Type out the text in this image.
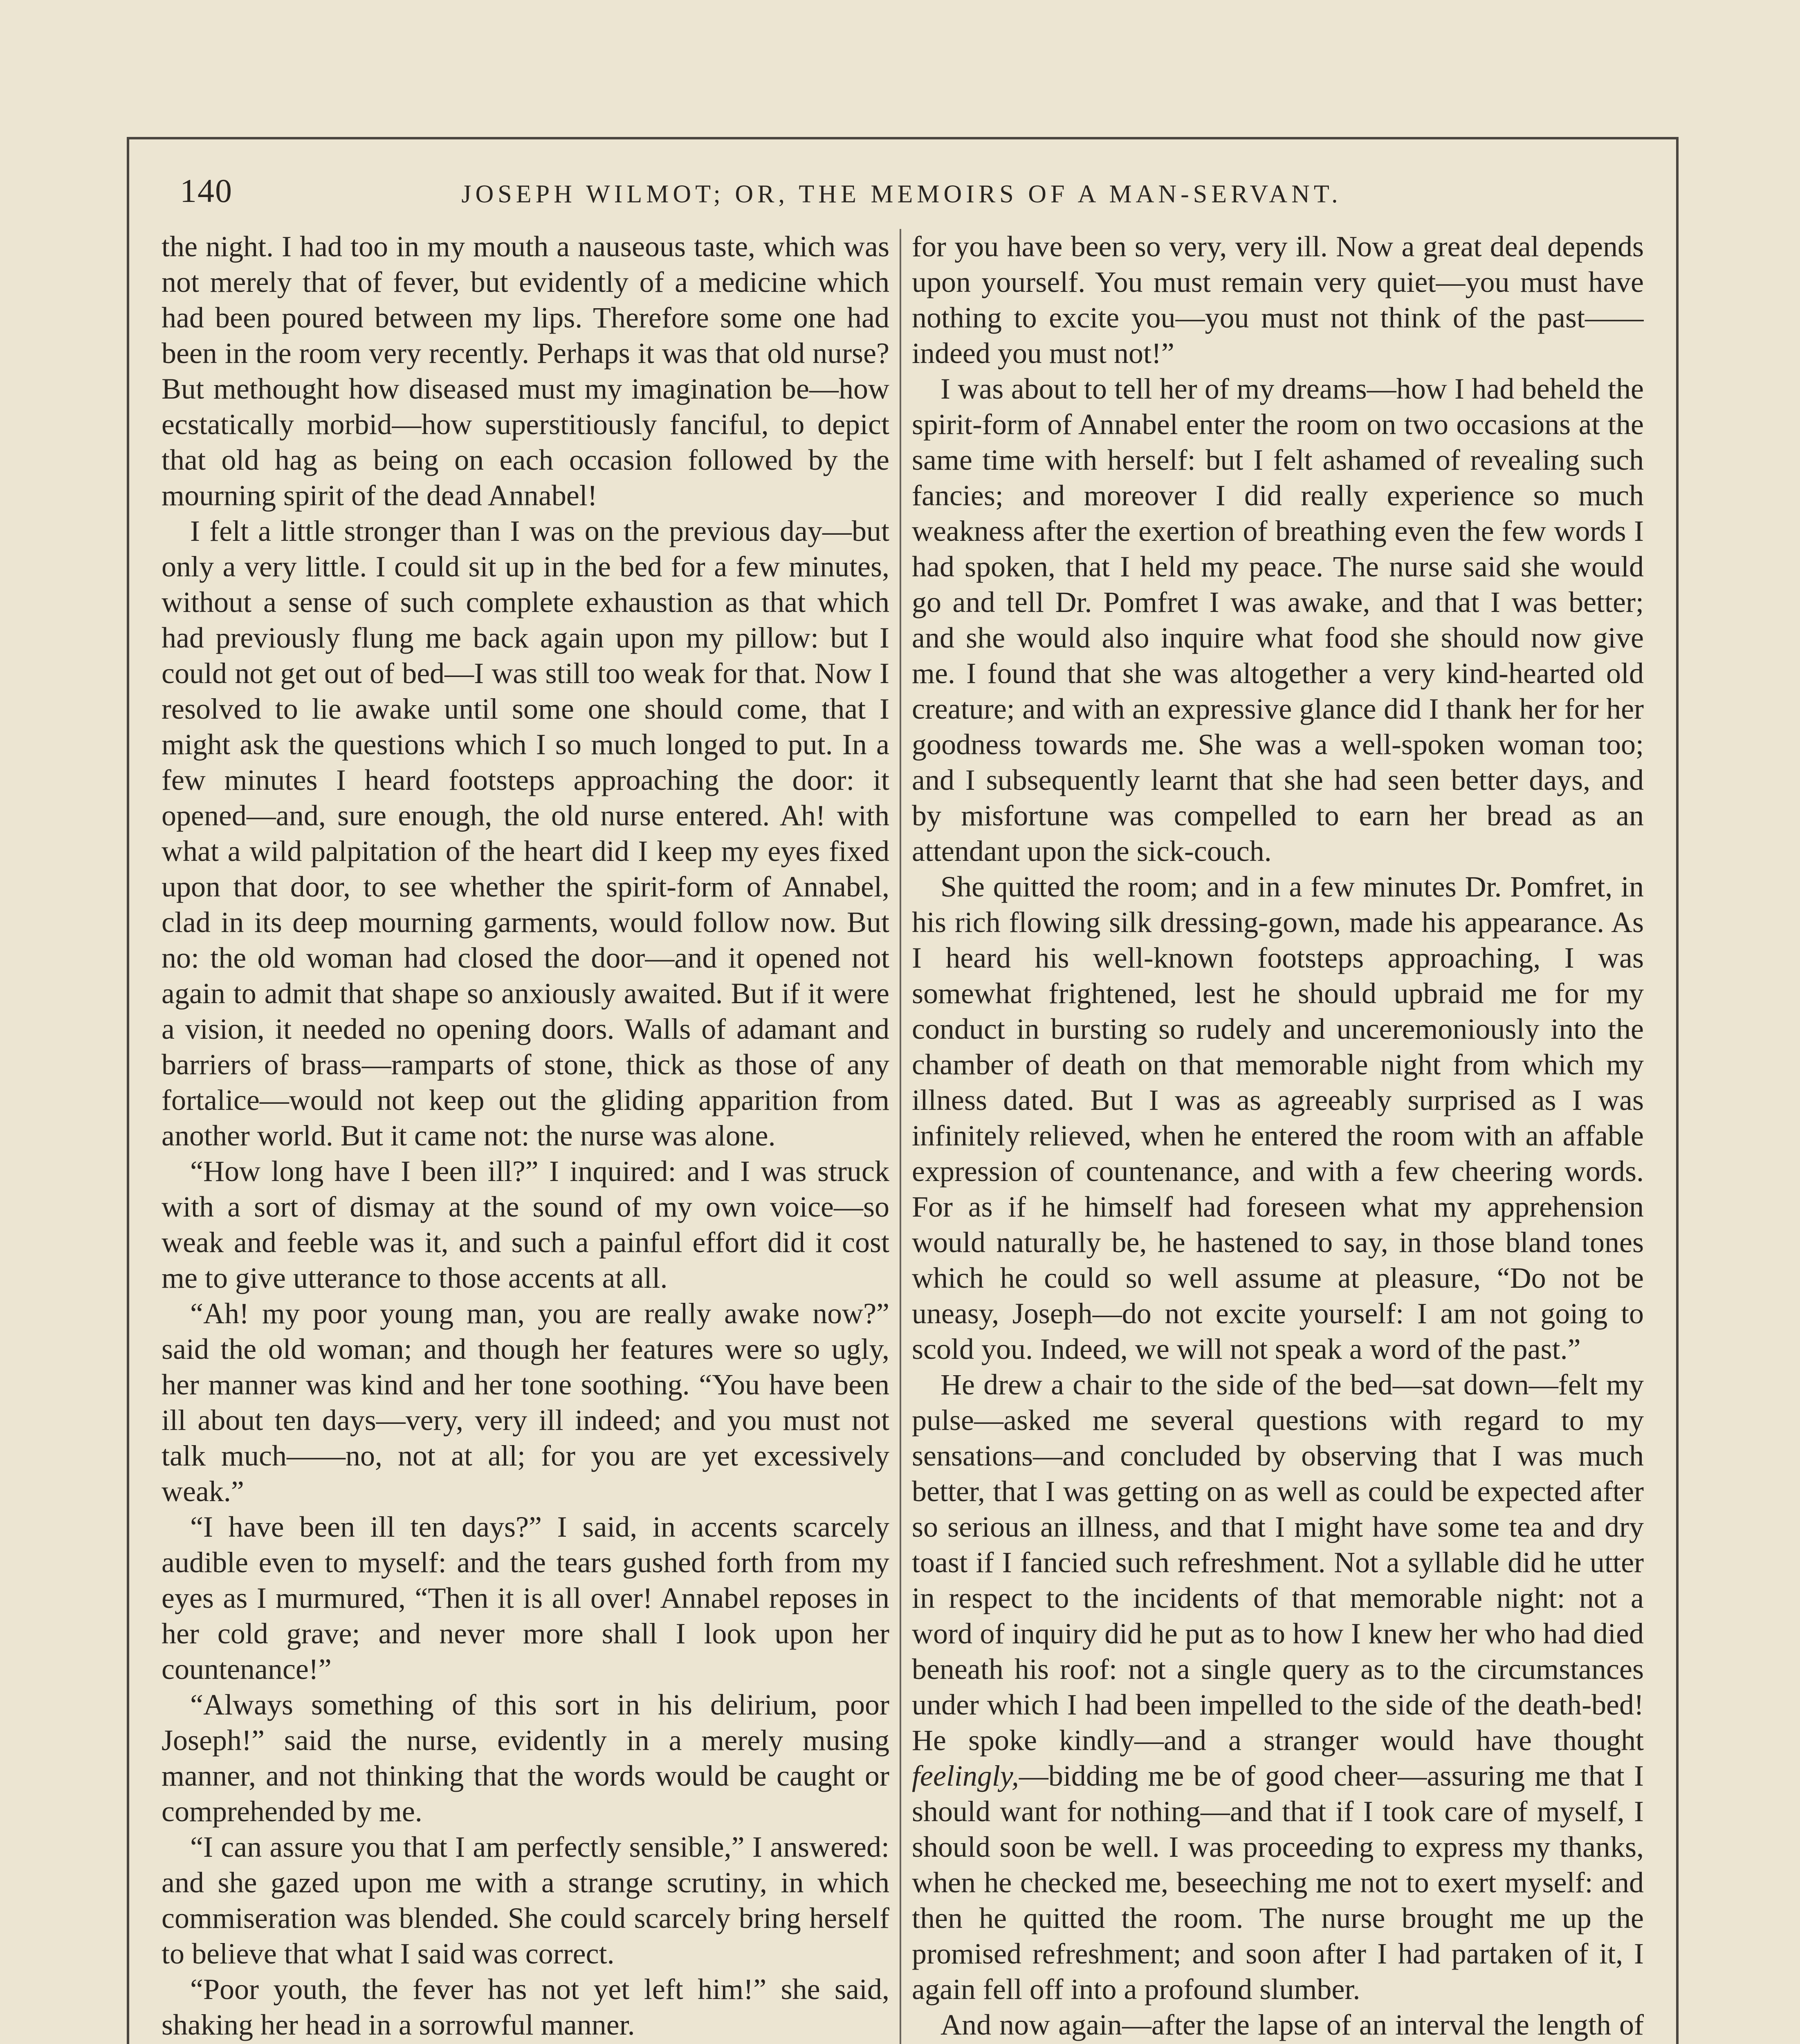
140	JOSEPH WILMOT; OR, THE MEMOIRS OF A MAN-SERVANT.

the night. I had too in my mouth a nauseous taste, which was not merely that of fever, but evidently of a medicine which had been poured between my lips. Therefore some one had been in the room very recently. Perhaps it was that old nurse? But methought how diseased must my imagination be—how ecstatically morbid—how superstitiously fanciful, to depict that old hag as being on each occasion followed by the mourning spirit of the dead Annabel!

I felt a little stronger than I was on the previous day—but only a very little. I could sit up in the bed for a few minutes, without a sense of such complete exhaustion as that which had previously flung me back again upon my pillow: but I could not get out of bed—I was still too weak for that. Now I resolved to lie awake until some one should come, that I might ask the questions which I so much longed to put. In a few minutes I heard footsteps approaching the door: it opened—and, sure enough, the old nurse entered. Ah! with what a wild palpitation of the heart did I keep my eyes fixed upon that door, to see whether the spirit-form of Annabel, clad in its deep mourning garments, would follow now. But no: the old woman had closed the door—and it opened not again to admit that shape so anxiously awaited. But if it were a vision, it needed no opening doors. Walls of adamant and barriers of brass—ramparts of stone, thick as those of any fortalice—would not keep out the gliding apparition from another world. But it came not: the nurse was alone.

“How long have I been ill?” I inquired: and I was struck with a sort of dismay at the sound of my own voice—so weak and feeble was it, and such a painful effort did it cost me to give utterance to those accents at all.

“Ah! my poor young man, you are really awake now?” said the old woman; and though her features were so ugly, her manner was kind and her tone soothing. “You have been ill about ten days—very, very ill indeed; and you must not talk much——no, not at all; for you are yet excessively weak.”

“I have been ill ten days?” I said, in accents scarcely audible even to myself: and the tears gushed forth from my eyes as I murmured, “Then it is all over! Annabel reposes in her cold grave; and never more shall I look upon her countenance!”

“Always something of this sort in his delirium, poor Joseph!” said the nurse, evidently in a merely musing manner, and not thinking that the words would be caught or comprehended by me.

“I can assure you that I am perfectly sensible,” I answered: and she gazed upon me with a strange scrutiny, in which commiseration was blended. She could scarcely bring herself to believe that what I said was correct.

“Poor youth, the fever has not yet left him!” she said, shaking her head in a sorrowful manner.

for you have been so very, very ill. Now a great deal depends upon yourself. You must remain very quiet—you must have nothing to excite you—you must not think of the past——indeed you must not!”

I was about to tell her of my dreams—how I had beheld the spirit-form of Annabel enter the room on two occasions at the same time with herself: but I felt ashamed of revealing such fancies; and moreover I did really experience so much weakness after the exertion of breathing even the few words I had spoken, that I held my peace. The nurse said she would go and tell Dr. Pomfret I was awake, and that I was better; and she would also inquire what food she should now give me. I found that she was altogether a very kind-hearted old creature; and with an expressive glance did I thank her for her goodness towards me. She was a well-spoken woman too; and I subsequently learnt that she had seen better days, and by misfortune was compelled to earn her bread as an attendant upon the sick-couch.

She quitted the room; and in a few minutes Dr. Pomfret, in his rich flowing silk dressing-gown, made his appearance. As I heard his well-known footsteps approaching, I was somewhat frightened, lest he should upbraid me for my conduct in bursting so rudely and unceremoniously into the chamber of death on that memorable night from which my illness dated. But I was as agreeably surprised as I was infinitely relieved, when he entered the room with an affable expression of countenance, and with a few cheering words. For as if he himself had foreseen what my apprehension would naturally be, he hastened to say, in those bland tones which he could so well assume at pleasure, “Do not be uneasy, Joseph—do not excite yourself: I am not going to scold you. Indeed, we will not speak a word of the past.”

He drew a chair to the side of the bed—sat down—felt my pulse—asked me several questions with regard to my sensations—and concluded by observing that I was much better, that I was getting on as well as could be expected after so serious an illness, and that I might have some tea and dry toast if I fancied such refreshment. Not a syllable did he utter in respect to the incidents of that memorable night: not a word of inquiry did he put as to how I knew her who had died beneath his roof: not a single query as to the circumstances under which I had been impelled to the side of the death-bed! He spoke kindly—and a stranger would have thought feelingly,—bidding me be of good cheer—assuring me that I should want for nothing—and that if I took care of myself, I should soon be well. I was proceeding to express my thanks, when he checked me, beseeching me not to exert myself: and then he quitted the room. The nurse brought me up the promised refreshment; and soon after I had partaken of it, I again fell off into a profound slumber.

And now again—after the lapse of an interval the length of
